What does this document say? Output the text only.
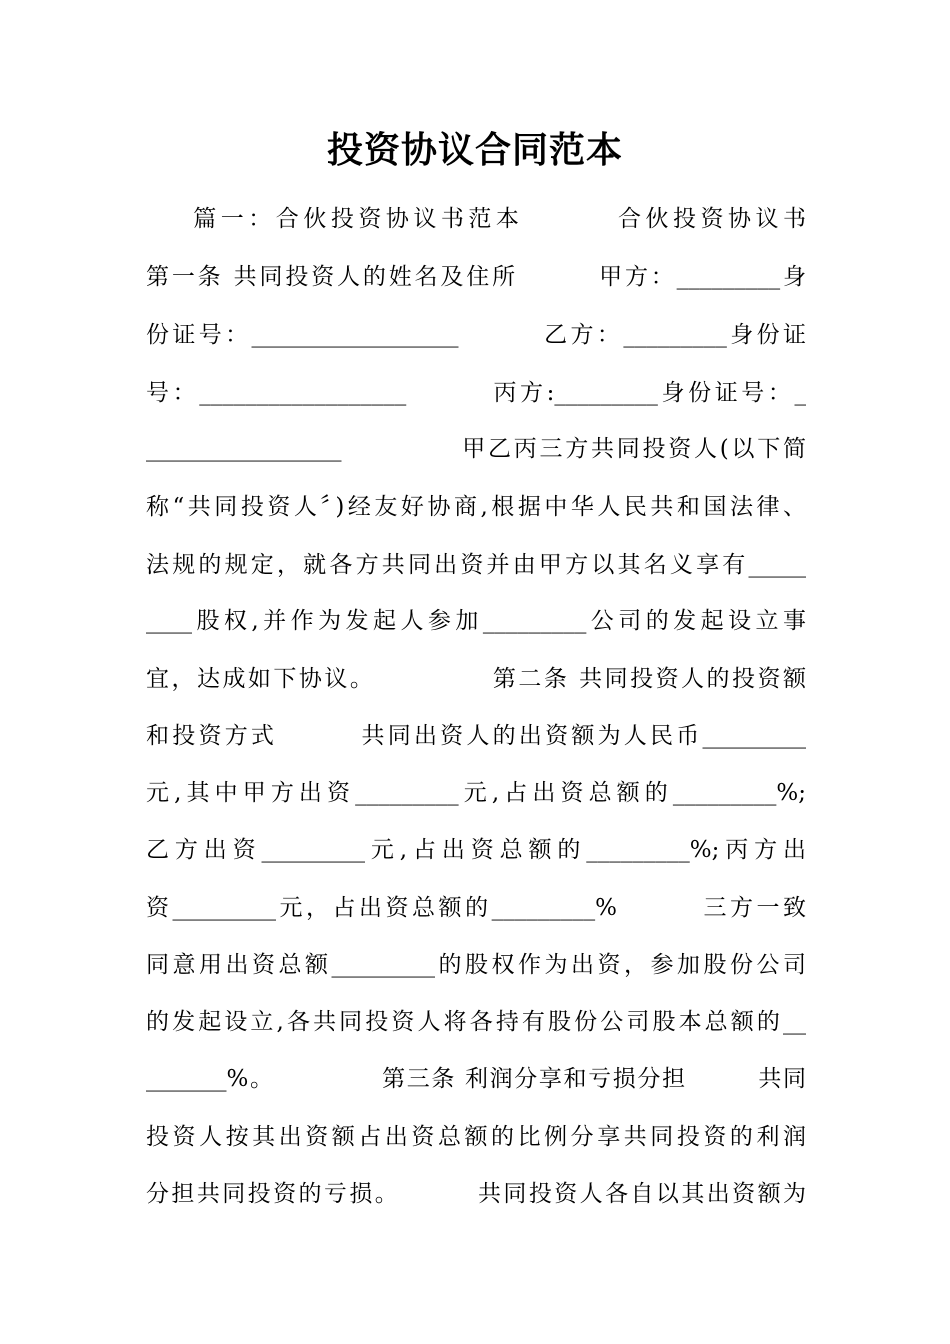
投资协议合同范本
篇一：合伙投资协议书范本        合伙投资协议书
第一条 共同投资人的姓名及住所        甲方：_________身
份证号：__________________        乙方：_________身份证
号：__________________        丙方:_________身份证号：_
_________________            甲乙丙三方共同投资人(以下简
称“共同投资人〞)经友好协商,根据中华人民共和国法律、
法规的规定，就各方共同出资并由甲方以其名义享有_____
____股权,并作为发起人参加_________公司的发起设立事
宜，达成如下协议。            第二条 共同投资人的投资额
和投资方式        共同出资人的出资额为人民币_________
元,其中甲方出资_________元,占出资总额的_________%;
乙方出资_________元,占出资总额的_________%;丙方出
资_________元，占出资总额的_________%        三方一致
同意用出资总额_________的股权作为出资，参加股份公司
的发起设立,各共同投资人将各持有股份公司股本总额的__
_______%。            第三条 利润分享和亏损分担        共同
投资人按其出资额占出资总额的比例分享共同投资的利润
分担共同投资的亏损。        共同投资人各自以其出资额为
